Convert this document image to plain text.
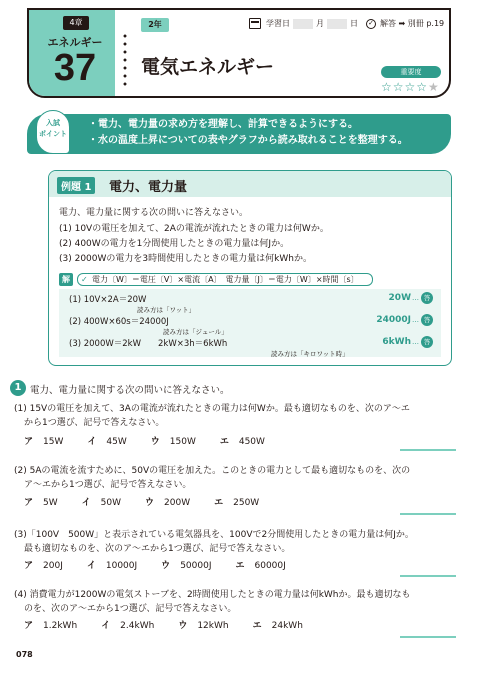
4章
エネルギー
37
2年
電気エネルギー
学習日	月	日 ✓ 解答 ➡ 別冊 p.19
重要度
☆☆☆☆★
入試
ポイント
・電力、電力量の求め方を理解し、計算できるようにする。
・水の温度上昇についての表やグラフから読み取れることを整理する。
例題 1	電力、電力量
電力、電力量に関する次の問いに答えなさい。
(1) 10Vの電圧を加えて、2Aの電流が流れたときの電力は何Wか。
(2) 400Wの電力を1分間使用したときの電力量は何Jか。
(3) 2000Wの電力を3時間使用したときの電力量は何kWhか。
解
✓	電力〔W〕＝電圧〔V〕×電流〔A〕　電力量〔J〕＝電力〔W〕×時間〔s〕
(1) 10V×2A＝20W
読み方は「ワット」
20W … 答
(2) 400W×60s＝24000J
読み方は「ジュール」
24000J … 答
(3) 2000W＝2kW　　2kW×3h＝6kWh
読み方は「キロワット時」
6kWh … 答
1 電力、電力量に関する次の問いに答えなさい。
(1) 15Vの電圧を加えて、3Aの電流が流れたときの電力は何Wか。最も適切なものを、次のア～エ
から1つ選び、記号で答えなさい。
ア 15W	イ 45W	ウ 150W	エ 450W
(2) 5Aの電流を流すために、50Vの電圧を加えた。このときの電力として最も適切なものを、次の
ア～エから1つ選び、記号で答えなさい。
ア 5W	イ 50W	ウ 200W	エ 250W
(3)「100V　500W」と表示されている電気器具を、100Vで2分間使用したときの電力量は何Jか。
最も適切なものを、次のア～エから1つ選び、記号で答えなさい。
ア 200J	イ 10000J	ウ 50000J	エ 60000J
(4) 消費電力が1200Wの電気ストーブを、2時間使用したときの電力量は何kWhか。最も適切なも
のを、次のア～エから1つ選び、記号で答えなさい。
ア 1.2kWh	イ 2.4kWh	ウ 12kWh	エ 24kWh
078
